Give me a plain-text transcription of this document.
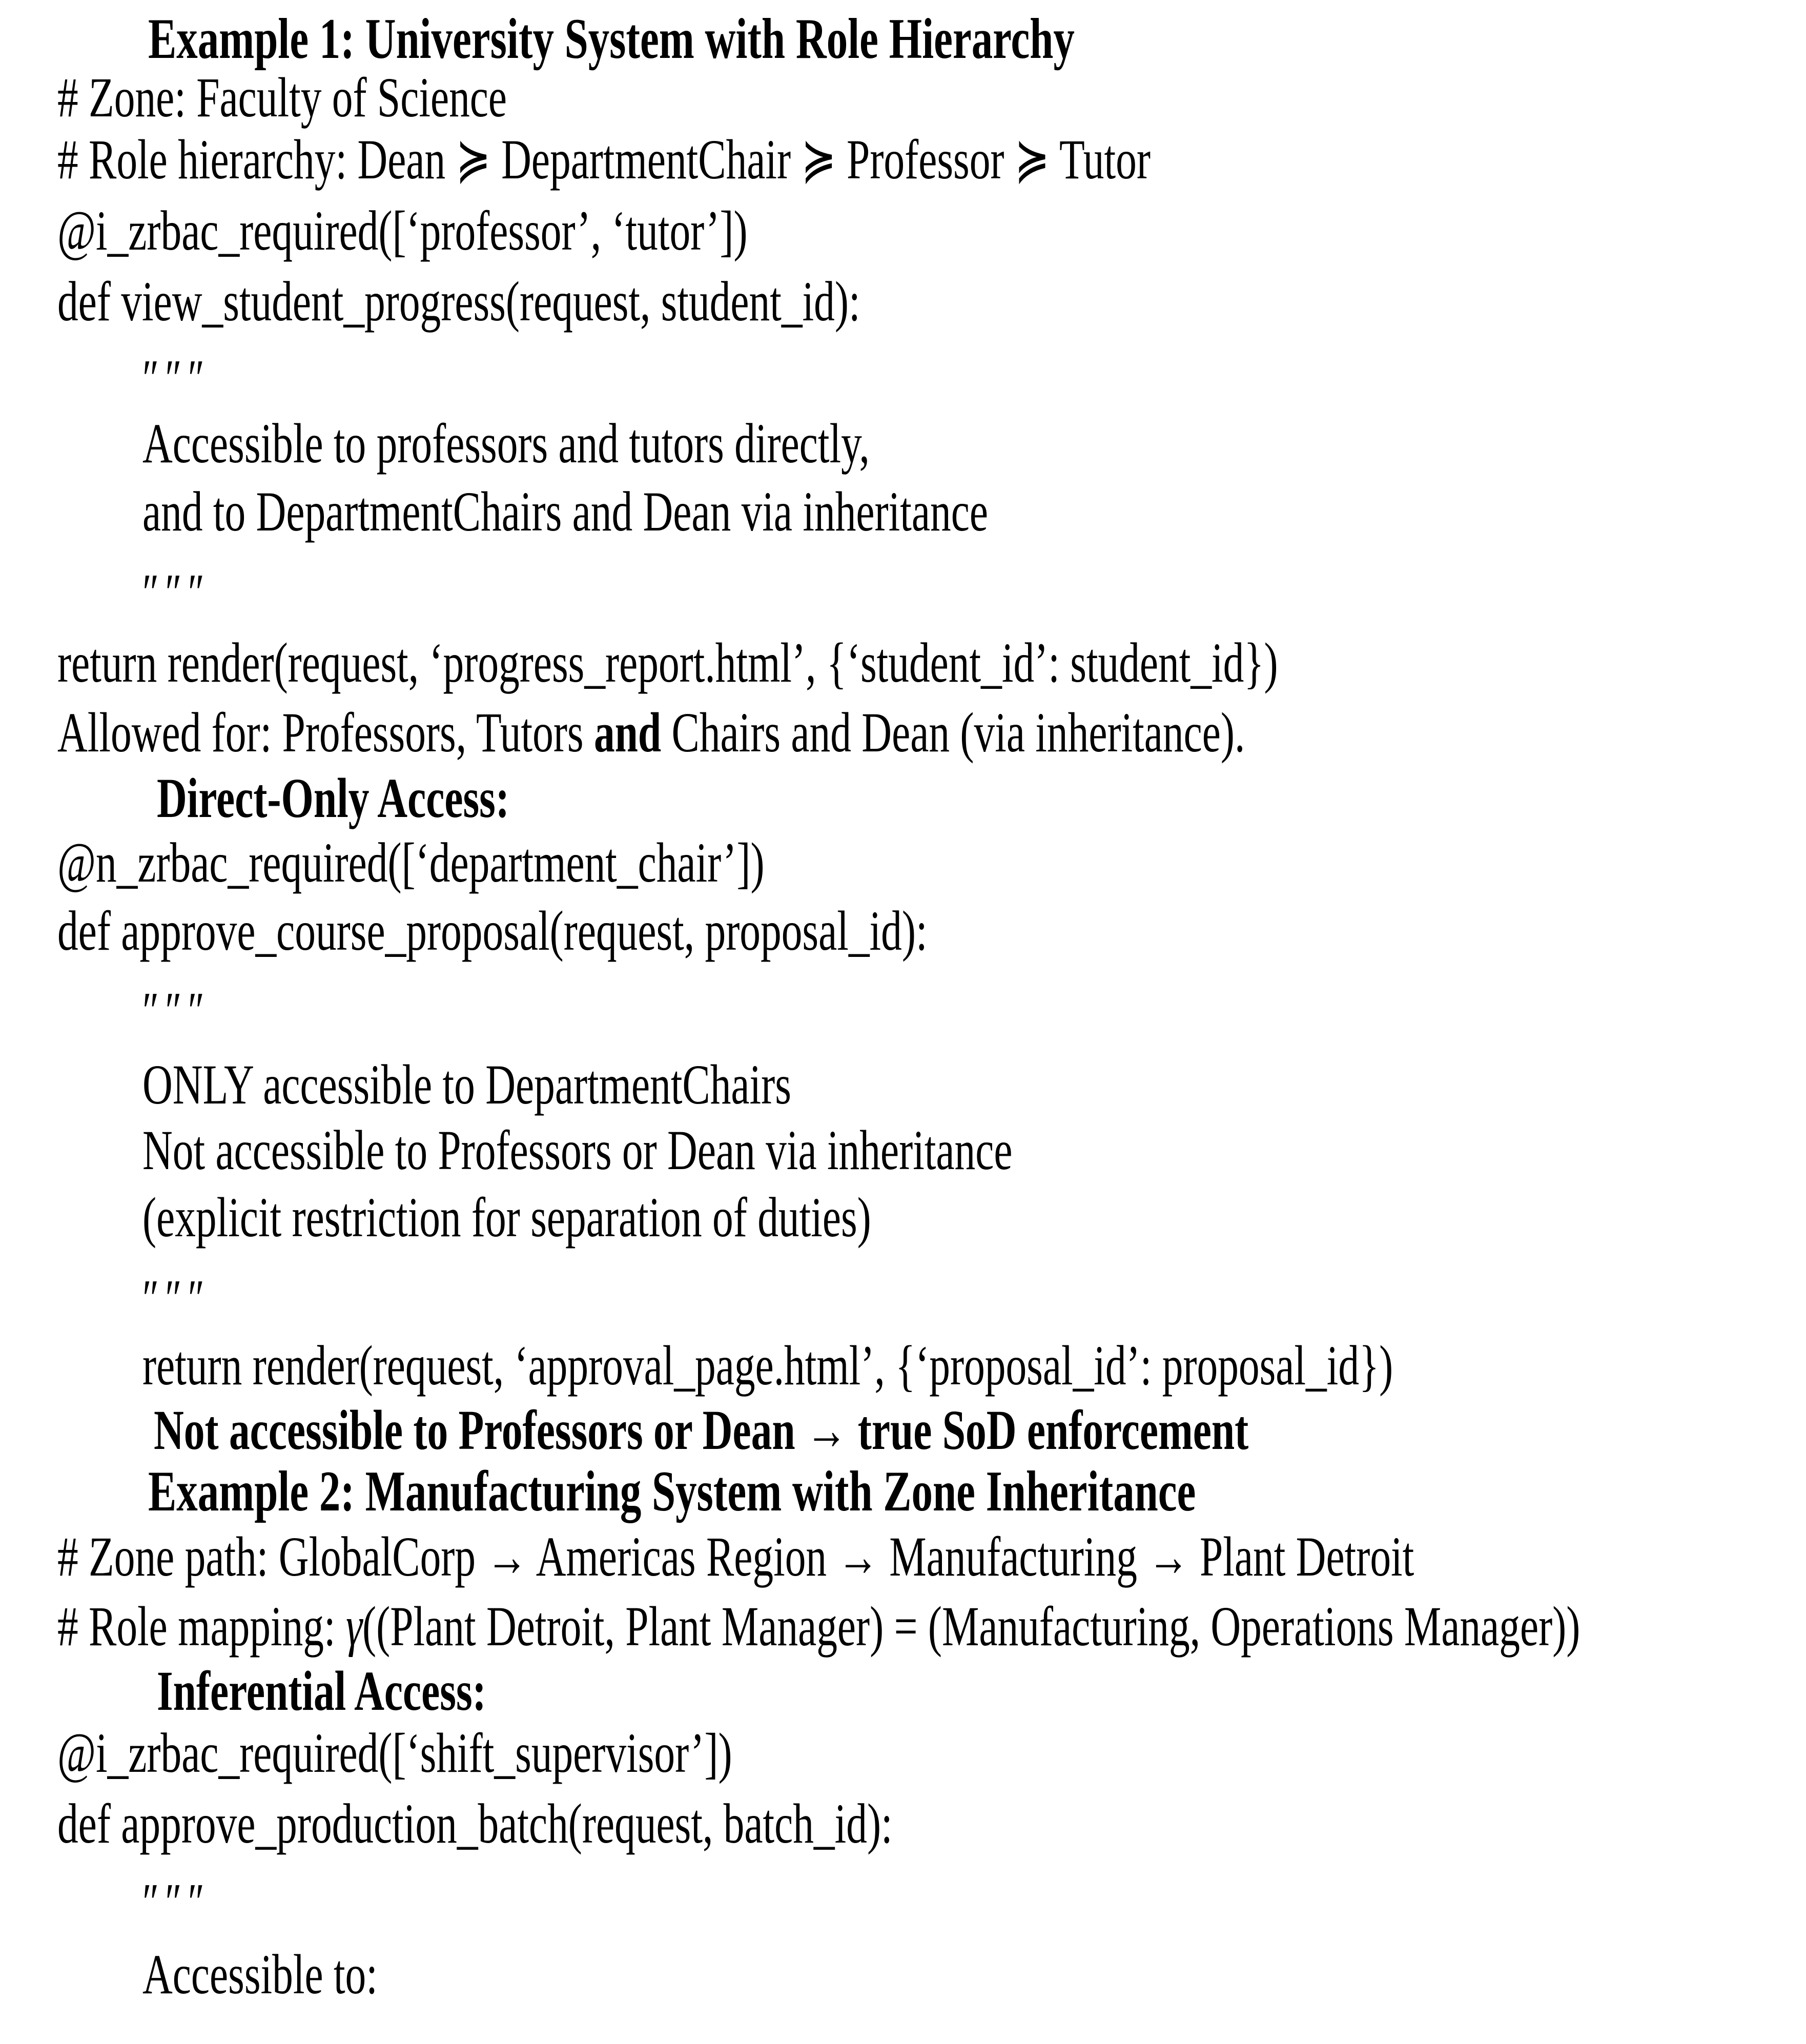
Example 1: University System with Role Hierarchy
# Zone: Faculty of Science
# Role hierarchy: Dean ≽ DepartmentChair ≽ Professor ≽ Tutor
@i_zrbac_required([‘professor’, ‘tutor’])
def view_student_progress(request, student_id):
″″″
Accessible to professors and tutors directly,
and to DepartmentChairs and Dean via inheritance
″″″
return render(request, ‘progress_report.html’, {‘student_id’: student_id})
Allowed for: Professors, Tutors and Chairs and Dean (via inheritance).
Direct-Only Access:
@n_zrbac_required([‘department_chair’])
def approve_course_proposal(request, proposal_id):
″″″
ONLY accessible to DepartmentChairs
Not accessible to Professors or Dean via inheritance
(explicit restriction for separation of duties)
″″″
return render(request, ‘approval_page.html’, {‘proposal_id’: proposal_id})
Not accessible to Professors or Dean → true SoD enforcement
Example 2: Manufacturing System with Zone Inheritance
# Zone path: GlobalCorp → Americas Region → Manufacturing → Plant Detroit
# Role mapping: γ((Plant Detroit, Plant Manager) = (Manufacturing, Operations Manager))
Inferential Access:
@i_zrbac_required([‘shift_supervisor’])
def approve_production_batch(request, batch_id):
″″″
Accessible to:
